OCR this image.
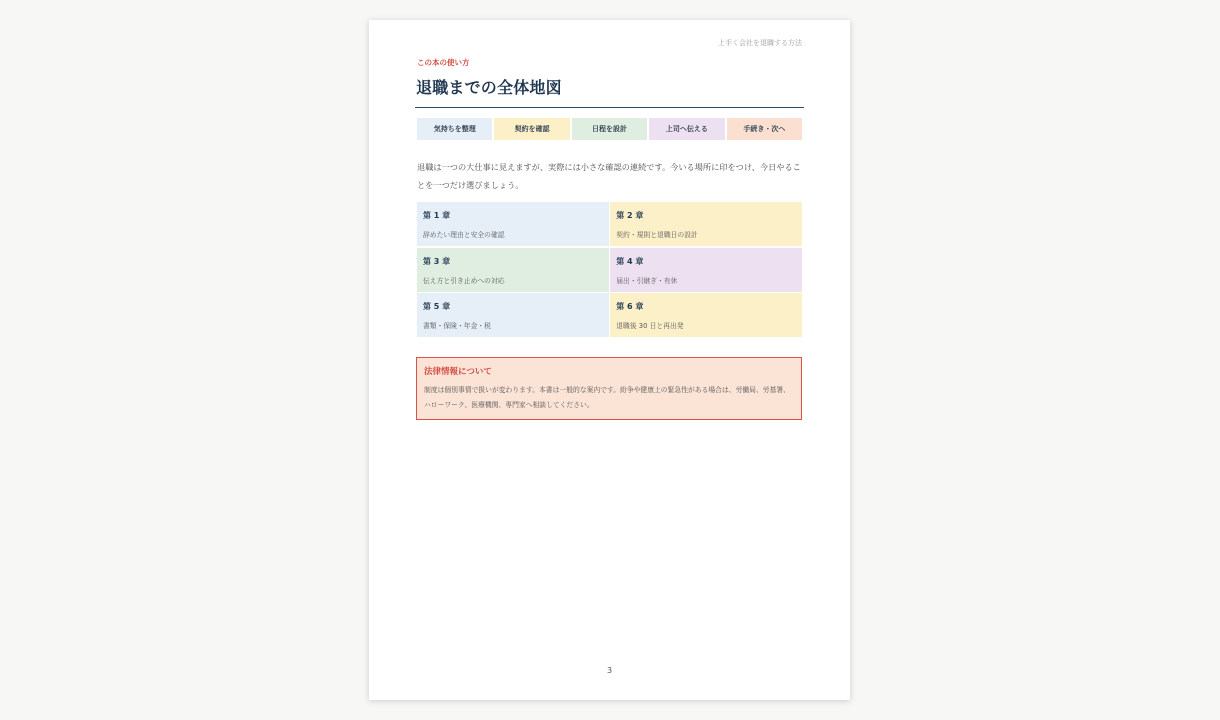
上手く会社を退職する方法
この本の使い方
退職までの全体地図
気持ちを整理	契約を確認	日程を設計	上司へ伝える	手続き・次へ

退職は一つの大仕事に見えますが、実際には小さな確認の連続です。今いる場所に印をつけ、今日やることを一つだけ選びましょう。

第 1 章
辞めたい理由と安全の確認
第 2 章
契約・規則と退職日の設計
第 3 章
伝え方と引き止めへの対応
第 4 章
届出・引継ぎ・有休
第 5 章
書類・保険・年金・税
第 6 章
退職後 30 日と再出発
法律情報について

制度は個別事情で扱いが変わります。本書は一般的な案内です。紛争や健康上の緊急性がある場合は、労働局、労基署、ハローワーク、医療機関、専門家へ相談してください。

3
